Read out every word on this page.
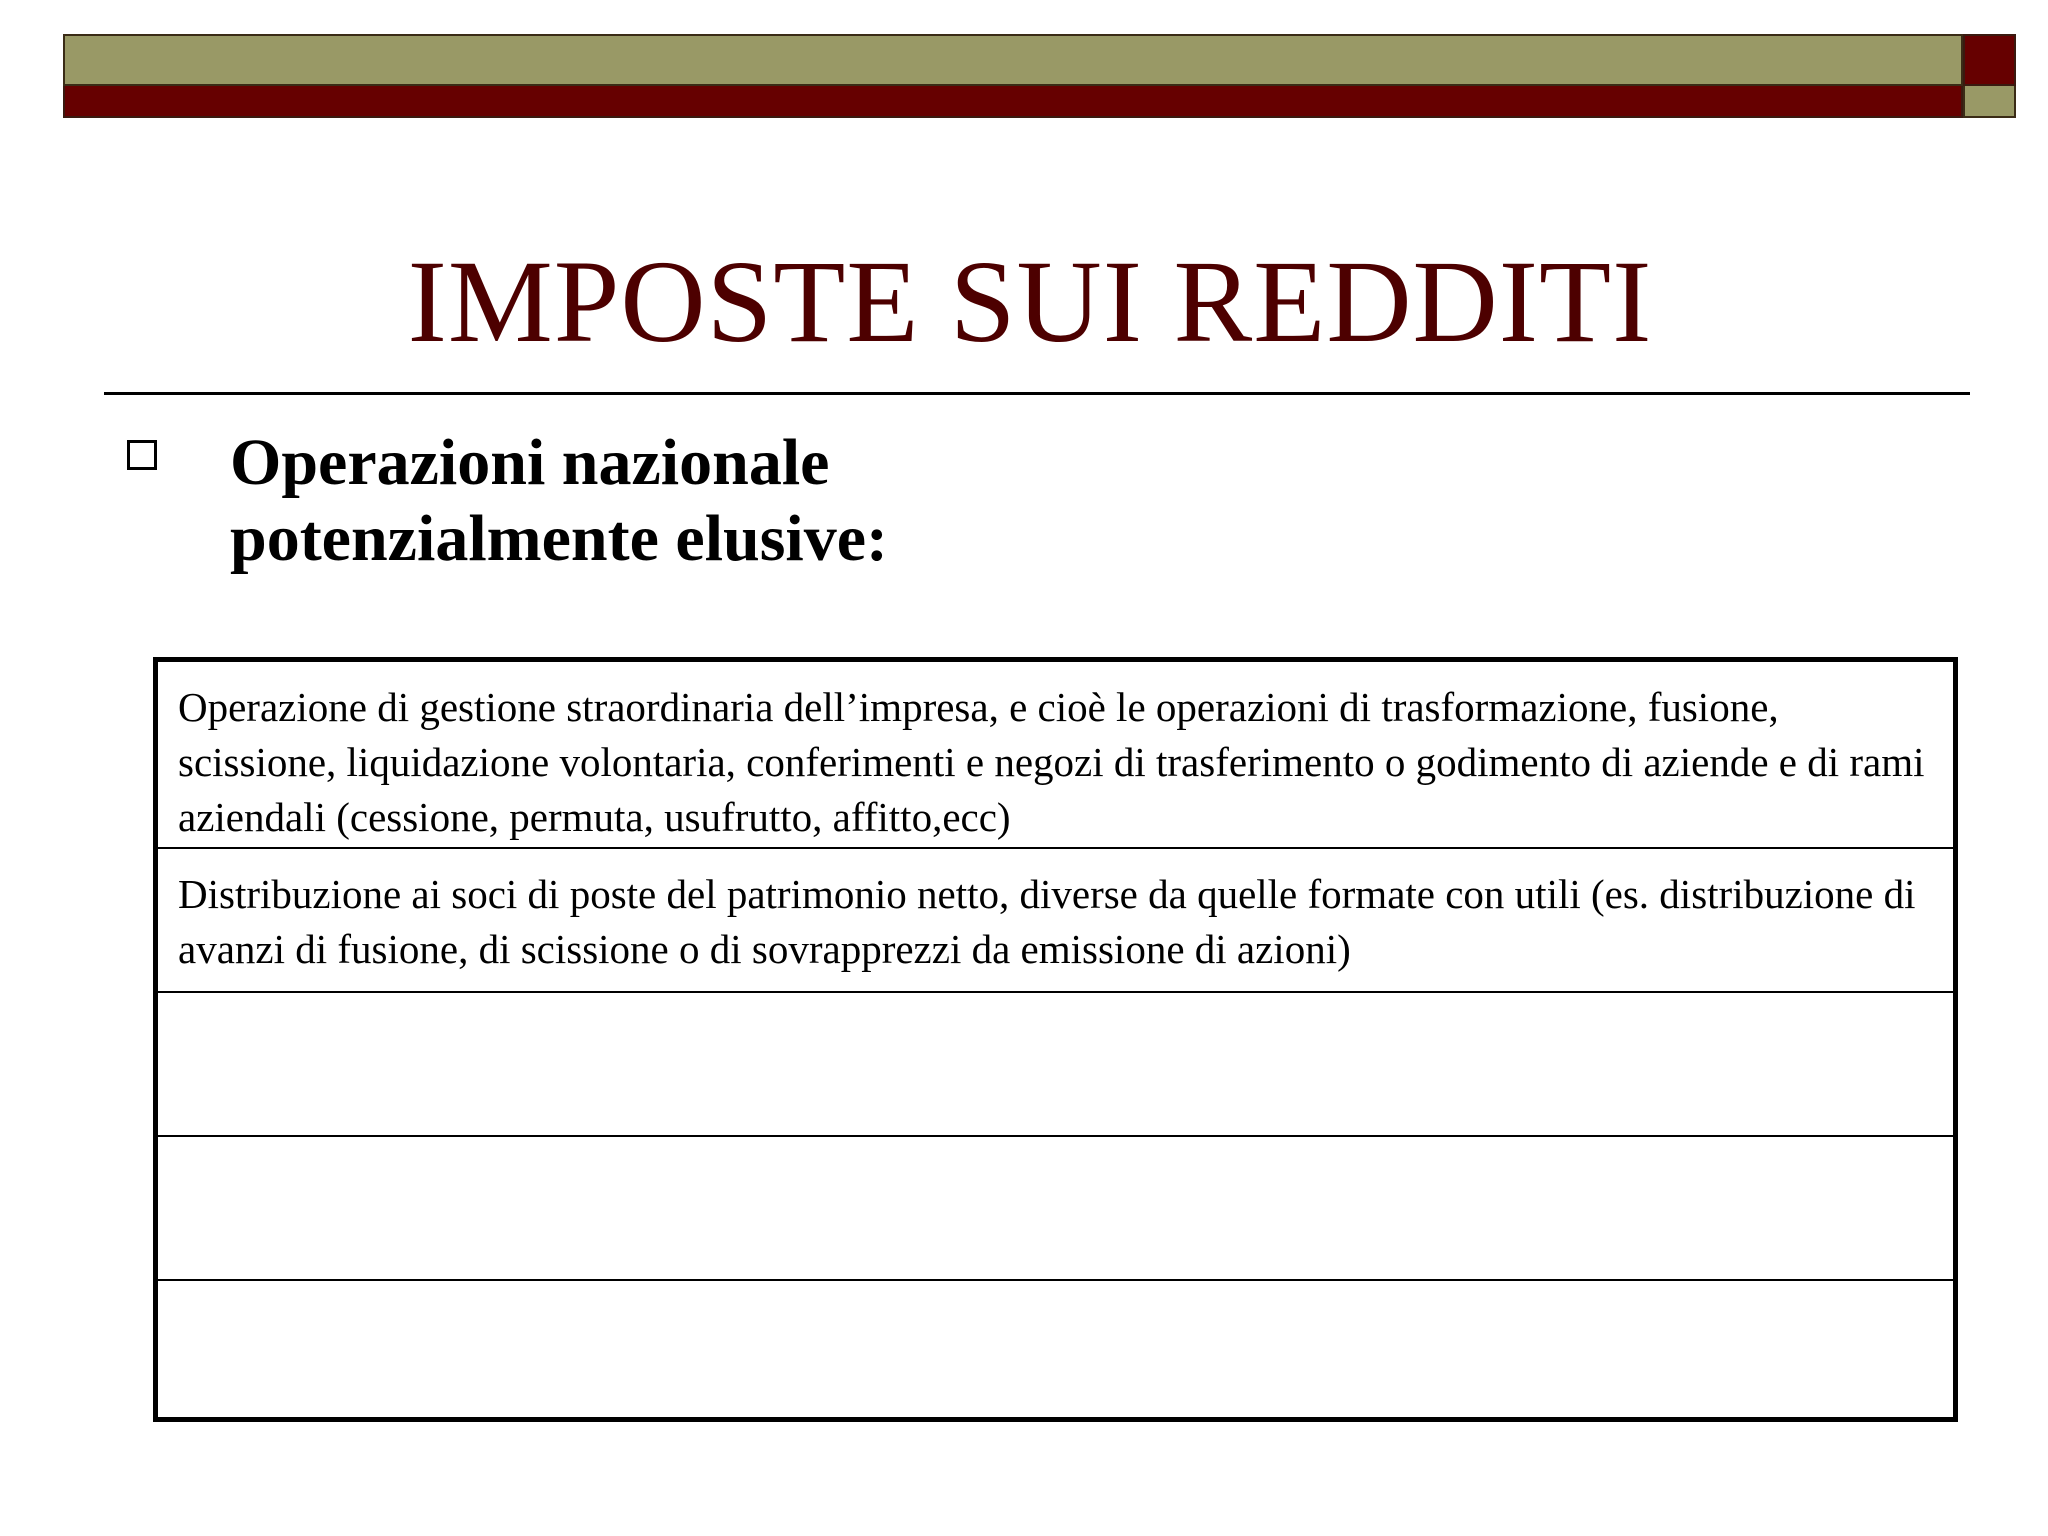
IMPOSTE SUI REDDITI

Operazioni nazionale
potenzialmente elusive:

Operazione di gestione straordinaria dell’impresa, e cioè le operazioni di trasformazione, fusione, scissione, liquidazione volontaria, conferimenti e negozi di trasferimento o godimento di aziende e di rami aziendali (cessione, permuta, usufrutto, affitto,ecc)
Distribuzione ai soci di poste del patrimonio netto, diverse da quelle formate con utili (es. distribuzione di avanzi di fusione, di scissione o di sovrapprezzi da emissione di azioni)
